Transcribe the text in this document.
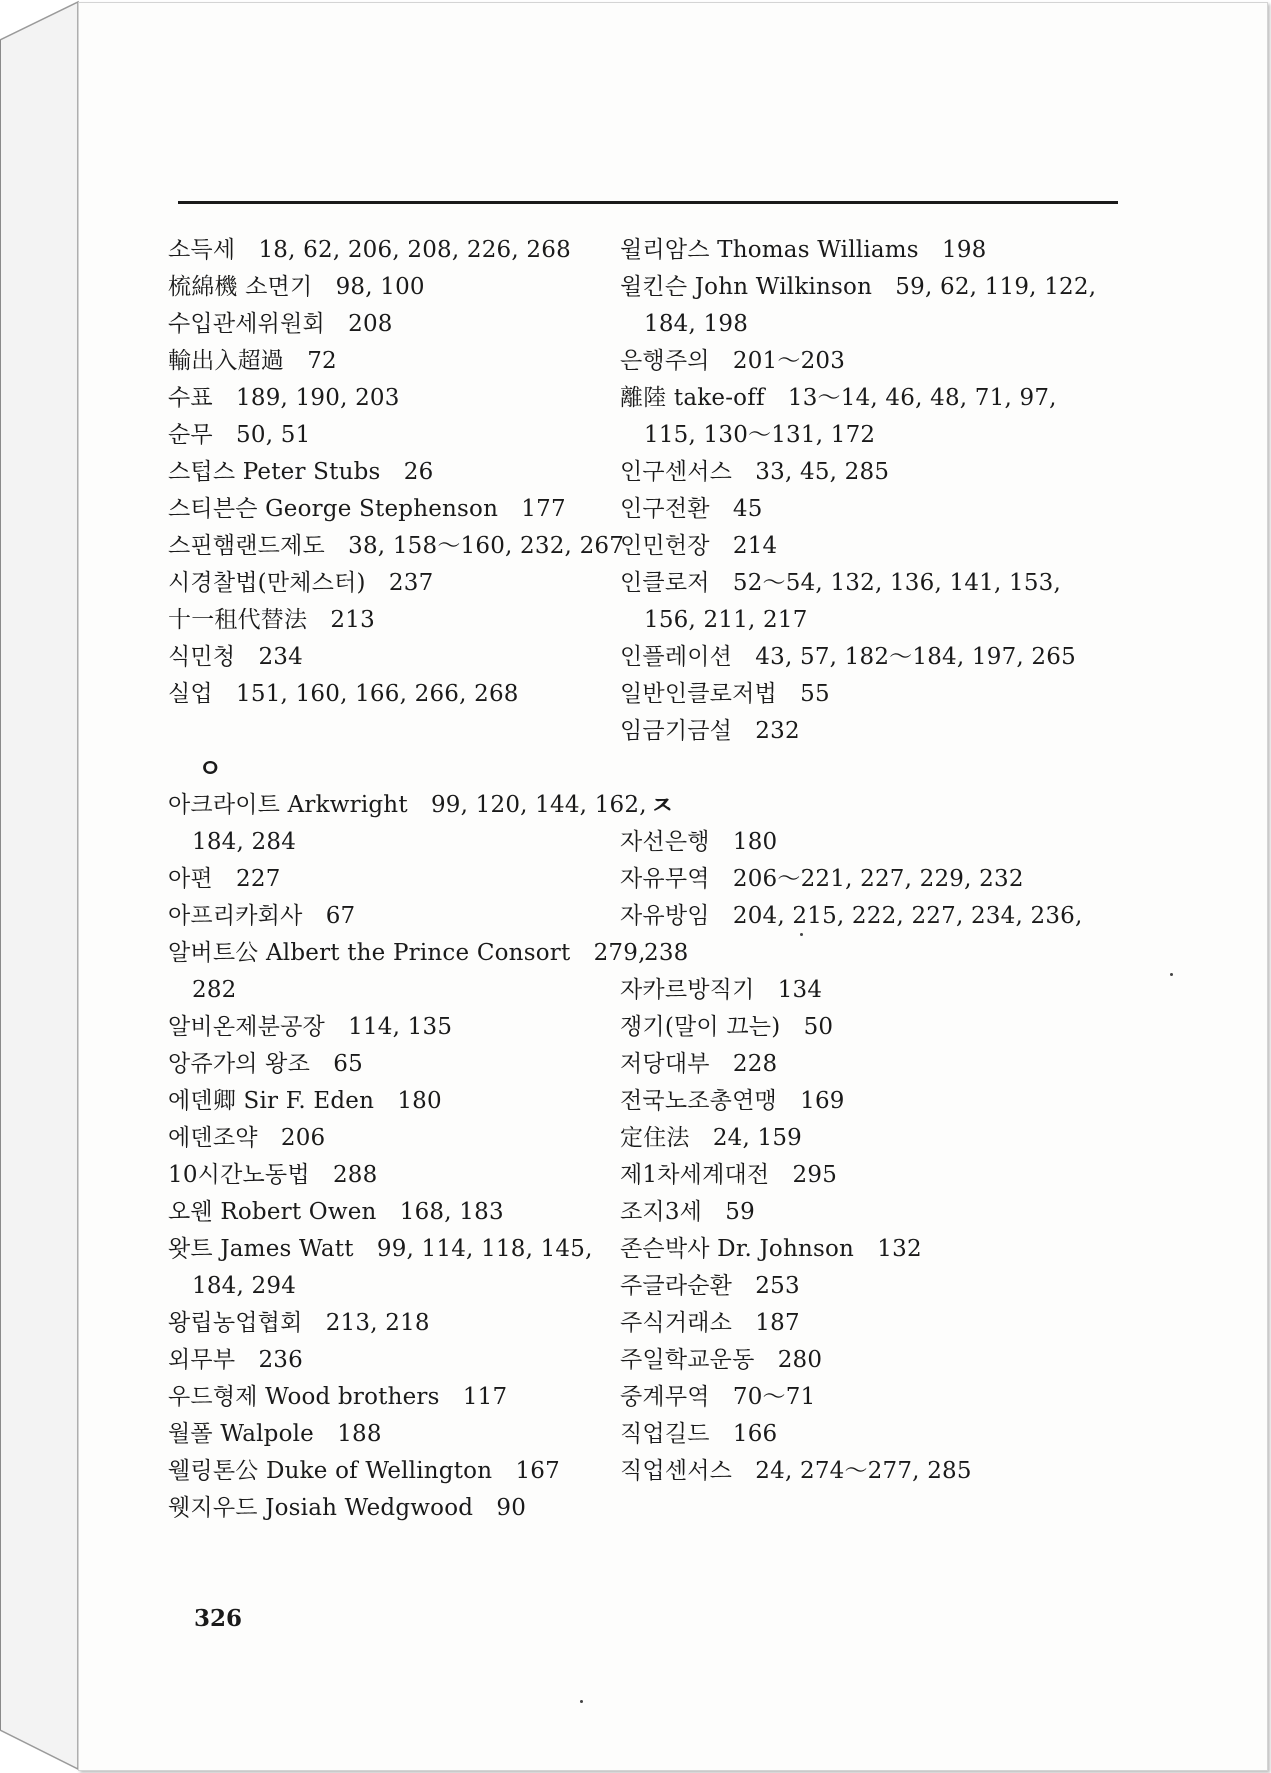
소득세  18, 62, 206, 208, 226, 268
梳綿機 소면기  98, 100
수입관세위원회  208
輸出入超過  72
수표  189, 190, 203
순무  50, 51
스텁스 Peter Stubs  26
스티븐슨 George Stephenson  177
스핀햄랜드제도  38, 158～160, 232, 267
시경찰법(만체스터)  237
十一租代替法  213
식민청  234
실업  151, 160, 166, 266, 268
ㅇ
아크라이트 Arkwright  99, 120, 144, 162, 184, 284
아편  227
아프리카회사  67
알버트公 Albert the Prince Consort  279, 282
알비온제분공장  114, 135
앙쥬가의 왕조  65
에덴卿 Sir F. Eden  180
에덴조약  206
10시간노동법  288
오웬 Robert Owen  168, 183
왓트 James Watt  99, 114, 118, 145, 184, 294
왕립농업협회  213, 218
외무부  236
우드형제 Wood brothers  117
월폴 Walpole  188
웰링톤公 Duke of Wellington  167
웻지우드 Josiah Wedgwood  90
윌리암스 Thomas Williams  198
윌킨슨 John Wilkinson  59, 62, 119, 122, 184, 198
은행주의  201～203
離陸 take-off  13～14, 46, 48, 71, 97, 115, 130～131, 172
인구센서스  33, 45, 285
인구전환  45
인민헌장  214
인클로저  52～54, 132, 136, 141, 153, 156, 211, 217
인플레이션  43, 57, 182～184, 197, 265
일반인클로저법  55
임금기금설  232
ㅈ
자선은행  180
자유무역  206～221, 227, 229, 232
자유방임  204, 215, 222, 227, 234, 236, 238
자카르방직기  134
쟁기(말이 끄는)  50
저당대부  228
전국노조총연맹  169
定住法  24, 159
제1차세계대전  295
조지3세  59
존슨박사 Dr. Johnson  132
주글라순환  253
주식거래소  187
주일학교운동  280
중계무역  70～71
직업길드  166
직업센서스  24, 274～277, 285
326
